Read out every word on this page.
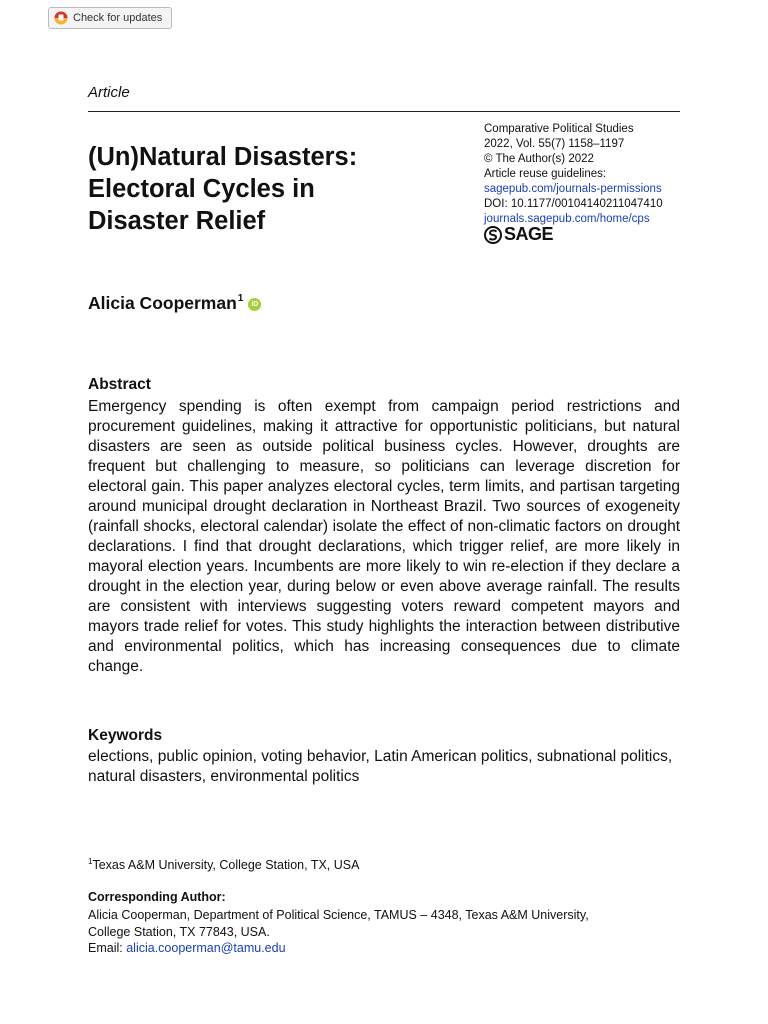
Check for updates
Article
(Un)Natural Disasters:
Electoral Cycles in
Disaster Relief
Comparative Political Studies
2022, Vol. 55(7) 1158–1197
© The Author(s) 2022
Article reuse guidelines:
sagepub.com/journals-permissions
DOI: 10.1177/00104140211047410
journals.sagepub.com/home/cps
SAGE
Alicia Cooperman$^1$
iD
Abstract

Emergency spending is often exempt from campaign period restrictions and procurement guidelines, making it attractive for opportunistic politicians, but natural disasters are seen as outside political business cycles. However, droughts are frequent but challenging to measure, so politicians can leverage discretion for electoral gain. This paper analyzes electoral cycles, term limits, and partisan targeting around municipal drought declaration in Northeast Brazil. Two sources of exogeneity (rainfall shocks, electoral calendar) isolate the effect of non-climatic factors on drought declarations. I find that drought declarations, which trigger relief, are more likely in mayoral election years. Incumbents are more likely to win re-election if they declare a drought in the election year, during below or even above average rainfall. The results are consistent with interviews suggesting voters reward competent mayors and mayors trade relief for votes. This study highlights the interaction between distributive and environmental politics, which has increasing consequences due to climate change.

Keywords

elections, public opinion, voting behavior, Latin American politics, subnational politics, natural disasters, environmental politics

$^1$Texas A&M University, College Station, TX, USA
Corresponding Author:
Alicia Cooperman, Department of Political Science, TAMUS – 4348, Texas A&M University,
College Station, TX 77843, USA.
Email: alicia.cooperman@tamu.edu
